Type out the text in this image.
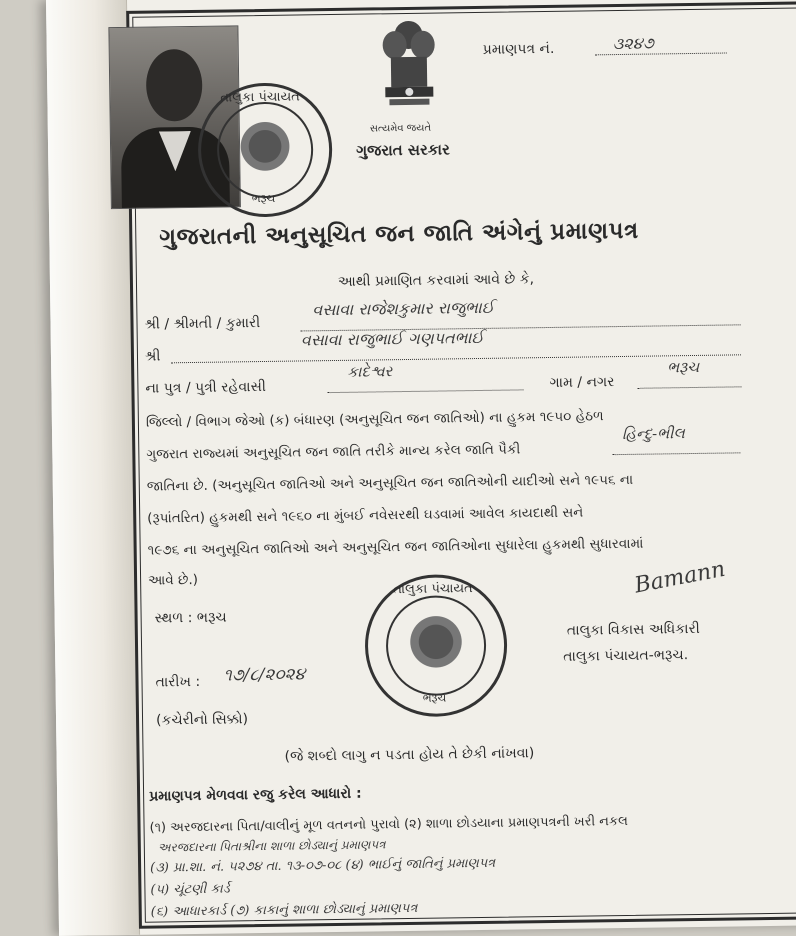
તાલુકા પંચાયત
ભરૂચ
સત્યમેવ જયતે
ગુજરાત સરકાર
પ્રમાણપત્ર નં.	૩૨૪૭
ગુજરાતની અનુસૂચિત જન જાતિ અંગેનું પ્રમાણપત્ર
આથી પ્રમાણિત કરવામાં આવે છે કે,
શ્રી / શ્રીમતી / કુમારી
વસાવા રાજેશકુમાર રાજુભાઈ
શ્રી
વસાવા રાજુભાઈ ગણપતભાઈ
ના પુત્ર / પુત્રી રહેવાસી
કાદેશ્વર
ગામ / નગર
ભરૂચ
જિલ્લો / વિભાગ જેઓ (ક) બંધારણ (અનુસૂચિત જન જાતિઓ) ના હુકમ ૧૯૫૦ હેઠળ
ગુજરાત રાજ્યમાં અનુસૂચિત જન જાતિ તરીકે માન્ય કરેલ જાતિ પૈકી
હિન્દુ-ભીલ
જાતિના છે. (અનુસૂચિત જાતિઓ અને અનુસૂચિત જન જાતિઓની યાદીઓ સને ૧૯૫૬ ના
(રૂપાંતરિત) હુકમથી સને ૧૯૬૦ ના મુંબઈ નવેસરથી ઘડવામાં આવેલ કાયદાથી સને
૧૯૭૬ ના અનુસૂચિત જાતિઓ અને અનુસૂચિત જન જાતિઓના સુધારેલા હુકમથી સુધારવામાં
આવે છે.)
સ્થળ : ભરૂચ
તારીખ : ૧૭/૮/૨૦૨૪
(કચેરીનો સિક્કો)
તાલુકા પંચાયત
ભરૂચ
Bamann
તાલુકા વિકાસ અધિકારી
તાલુકા પંચાયત-ભરૂચ.
(જે શબ્દો લાગુ ન પડતા હોય તે છેકી નાંખવા)
પ્રમાણપત્ર મેળવવા રજુ કરેલ આધારો :
(૧) અરજદારના પિતા/વાલીનું મૂળ વતનનો પુરાવો (૨) શાળા છોડયાના પ્રમાણપત્રની ખરી નકલ
અરજદારના પિતાશ્રીના શાળા છોડ્યાનું પ્રમાણપત્ર
(૩) પ્રા.શા. નં. ૫૨૭૪ તા. ૧૩-૦૭-૦૮ (૪) ભાઈનું જાતિનું પ્રમાણપત્ર
(૫) ચૂંટણી કાર્ડ
(૬) આધારકાર્ડ (૭) કાકાનું શાળા છોડ્યાનું પ્રમાણપત્ર
